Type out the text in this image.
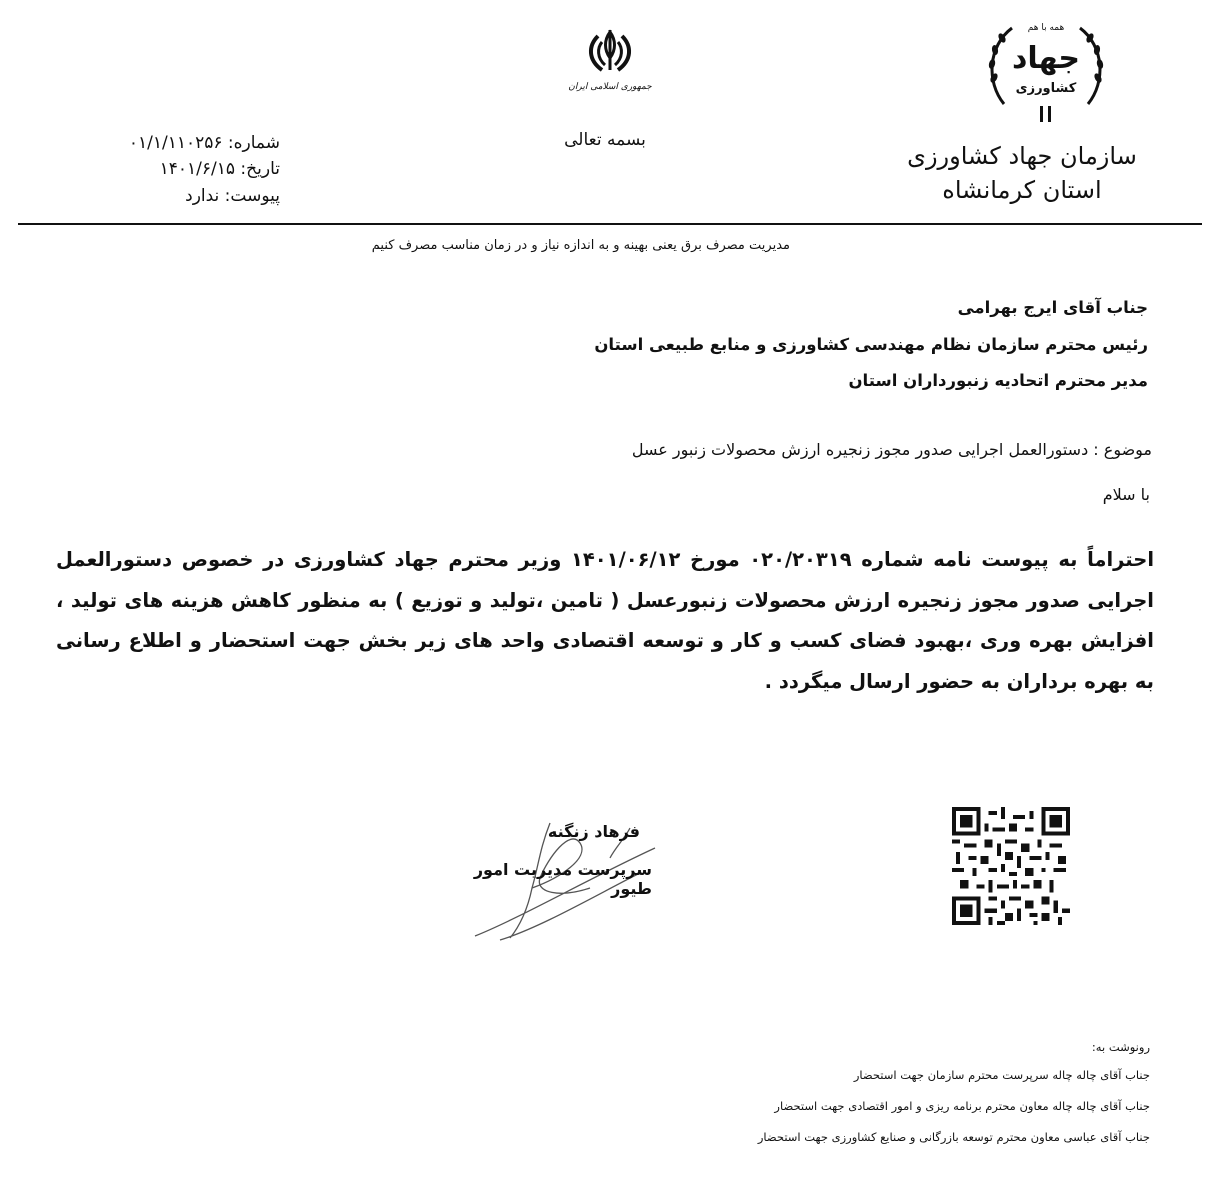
جمهوری اسلامی ایران
بسمه تعالی
همه با هم
جهاد
کشاورزی
سازمان جهاد کشاورزی
استان کرمانشاه
شماره: ۰۱/۱/۱۱۰۲۵۶
تاریخ: ۱۴۰۱/۶/۱۵
پیوست: ندارد
مدیریت مصرف برق یعنی بهینه و به اندازه نیاز و در زمان مناسب مصرف کنیم
جناب آقای ایرج بهرامی
رئیس محترم سازمان نظام مهندسی کشاورزی و منابع طبیعی استان
مدیر محترم اتحادیه زنبورداران استان
موضوع : دستورالعمل اجرایی صدور مجوز زنجیره ارزش محصولات زنبور عسل
با سلام
احتراماً به پیوست نامه شماره ۰۲۰/۲۰۳۱۹ مورخ ۱۴۰۱/۰۶/۱۲ وزیر محترم جهاد کشاورزی در خصوص دستورالعمل اجرایی صدور مجوز زنجیره ارزش محصولات زنبورعسل ( تامین ،تولید و توزیع ) به منظور کاهش هزینه های تولید ، افزایش بهره وری ،بهبود فضای کسب و کار و توسعه اقتصادی واحد های زیر بخش جهت استحضار و اطلاع رسانی به بهره برداران به حضور ارسال میگردد .
فرهاد زنگنه
سرپرست مدیریت امور طیور
رونوشت به:
جناب آقای چاله چاله سرپرست محترم سازمان جهت استحضار
جناب آقای چاله چاله معاون محترم برنامه ریزی و امور اقتصادی جهت استحضار
جناب آقای عباسی معاون محترم توسعه بازرگانی و صنایع کشاورزی جهت استحضار
